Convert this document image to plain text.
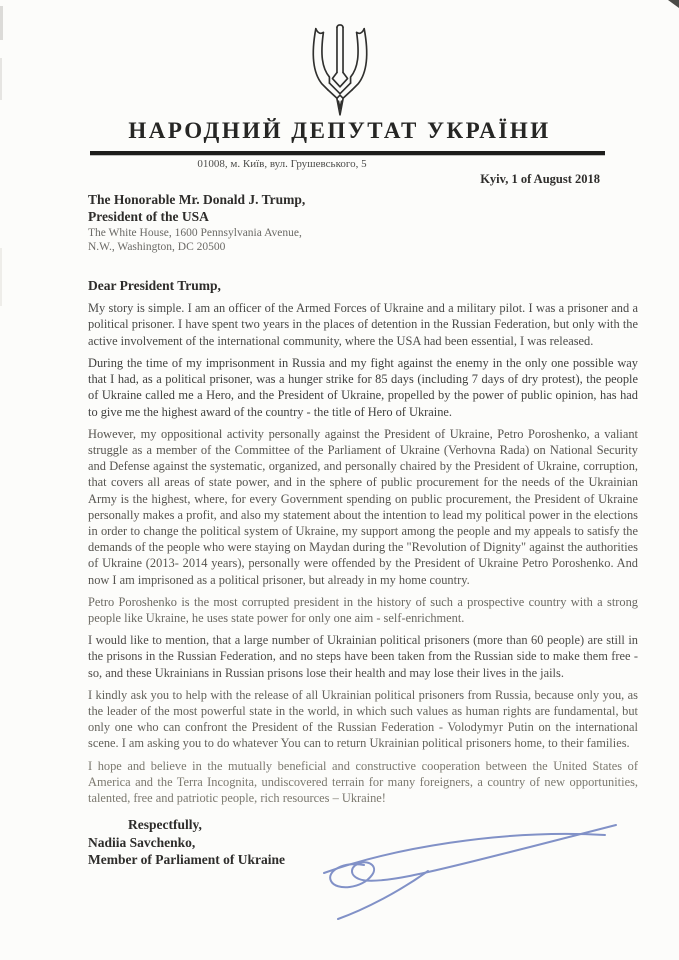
НАРОДНИЙ ДЕПУТАТ УКРАЇНИ
01008, м. Київ, вул. Грушевського, 5
Kyiv, 1 of August 2018
The Honorable Mr. Donald J. Trump,
President of the USA
The White House, 1600 Pennsylvania Avenue,
N.W., Washington, DC 20500
Dear President Trump,

My story is simple. I am an officer of the Armed Forces of Ukraine and a military pilot. I was a prisoner and a political prisoner. I have spent two years in the places of detention in the Russian Federation, but only with the active involvement of the international community, where the USA had been essential, I was released.

During the time of my imprisonment in Russia and my fight against the enemy in the only one possible way that I had, as a political prisoner, was a hunger strike for 85 days (including 7 days of dry protest), the people of Ukraine called me a Hero, and the President of Ukraine, propelled by the power of public opinion, has had to give me the highest award of the country - the title of Hero of Ukraine.

However, my oppositional activity personally against the President of Ukraine, Petro Poroshenko, a valiant struggle as a member of the Committee of the Parliament of Ukraine (Verhovna Rada) on National Security and Defense against the systematic, organized, and personally chaired by the President of Ukraine, corruption, that covers all areas of state power, and in the sphere of public procurement for the needs of the Ukrainian Army is the highest, where, for every Government spending on public procurement, the President of Ukraine personally makes a profit, and also my statement about the intention to lead my political power in the elections in order to change the political system of Ukraine, my support among the people and my appeals to satisfy the demands of the people who were staying on Maydan during the "Revolution of Dignity" against the authorities of Ukraine (2013- 2014 years), personally were offended by the President of Ukraine Petro Poroshenko. And now I am imprisoned as a political prisoner, but already in my home country.

Petro Poroshenko is the most corrupted president in the history of such a prospective country with a strong people like Ukraine, he uses state power for only one aim - self-enrichment.

I would like to mention, that a large number of Ukrainian political prisoners (more than 60 people) are still in the prisons in the Russian Federation, and no steps have been taken from the Russian side to make them free - so, and these Ukrainians in Russian prisons lose their health and may lose their lives in the jails.

I kindly ask you to help with the release of all Ukrainian political prisoners from Russia, because only you, as the leader of the most powerful state in the world, in which such values as human rights are fundamental, but only one who can confront the President of the Russian Federation - Volodymyr Putin on the international scene. I am asking you to do whatever You can to return Ukrainian political prisoners home, to their families.

I hope and believe in the mutually beneficial and constructive cooperation between the United States of America and the Terra Incognita, undiscovered terrain for many foreigners, a country of new opportunities, talented, free and patriotic people, rich resources – Ukraine!

Respectfully,
Nadiia Savchenko,
Member of Parliament of Ukraine
